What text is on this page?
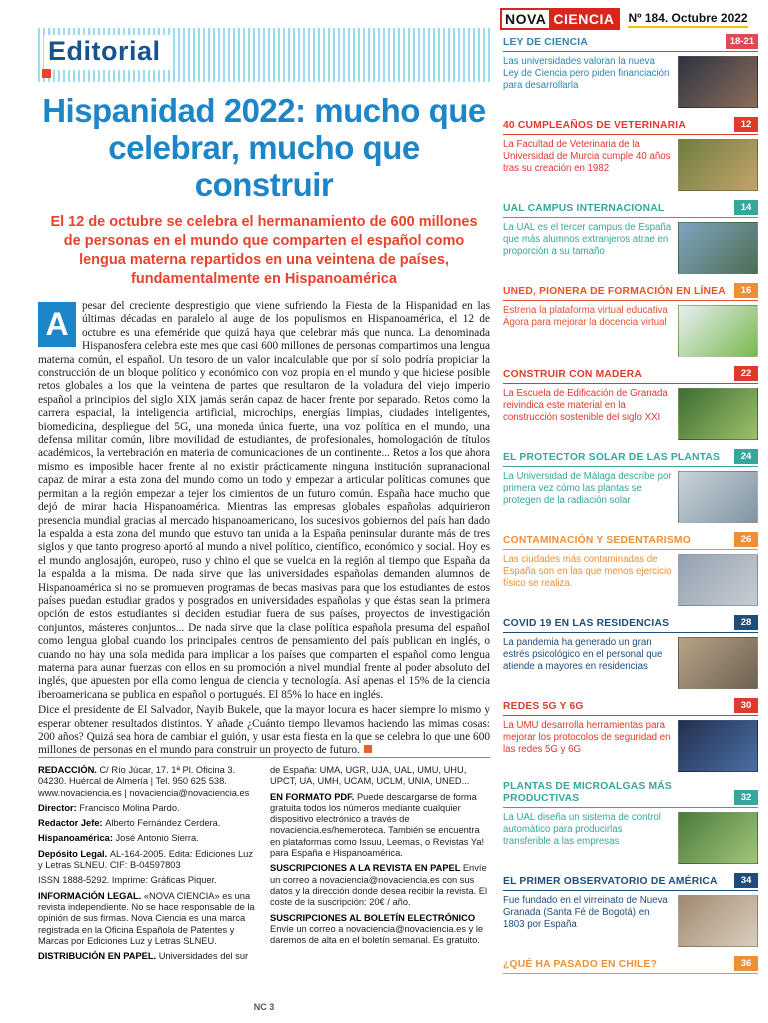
NOVA CIENCIA	Nº 184. Octubre 2022
Editorial
Hispanidad 2022: mucho que celebrar, mucho que construir

El 12 de octubre se celebra el hermanamiento de 600 millones de personas en el mundo que comparten el español como lengua materna repartidos en una veintena de países, fundamentalmente en Hispanoamérica

A	pesar del creciente desprestigio que viene sufriendo la Fiesta de la Hispanidad en las últimas décadas en paralelo al auge de los populismos en Hispanoamérica, el 12 de octubre es una efeméride que quizá haya que celebrar más que nunca. La denominada Hispanosfera celebra este mes que casi 600 millones de personas compartimos una lengua materna común, el español. Un tesoro de un valor incalculable que por sí solo podría propiciar la construcción de un bloque político y económico con voz propia en el mundo y que hiciese posible retos globales a los que la veintena de partes que resultaron de la voladura del viejo imperio español a principios del siglo XIX jamás serán capaz de hacer frente por separado. Retos como la carrera espacial, la inteligencia artificial, microchips, energías limpias, ciudades inteligentes, biomedicina, despliegue del 5G, una moneda única fuerte, una voz política en el mundo, una defensa militar común, libre movilidad de estudiantes, de profesionales, homologación de títulos académicos, la vertebración en materia de comunicaciones de un continente... Retos a los que ahora mismo es imposible hacer frente al no existir prácticamente ninguna institución supranacional capaz de mirar a esta zona del mundo como un todo y empezar a articular políticas comunes que permitan a la región empezar a tejer los cimientos de un futuro común. España hace mucho que dejó de mirar hacia Hispanoamérica. Mientras las empresas globales españolas adquirieron presencia mundial gracias al mercado hispanoamericano, los sucesivos gobiernos del país han dado la espalda a esta zona del mundo que estuvo tan unida a la España peninsular durante más de tres siglos y que tanto progreso aportó al mundo a nivel político, científico, económico y social. Hoy es el mundo anglosajón, europeo, ruso y chino el que se vuelca en la región al tiempo que España da la espalda a la misma. De nada sirve que las universidades españolas demanden alumnos de Hispanoamérica si no se promueven programas de becas masivas para que los estudiantes de estos países puedan estudiar grados y posgrados en universidades españolas y que éstas sean la primera opción de estos estudiantes si deciden estudiar fuera de sus países, proyectos de investigación conjuntos, másteres conjuntos... De nada sirve que la clase política española presuma del español como lengua global cuando los principales centros de pensamiento del país publican en inglés, o cuando no hay una sola medida para implicar a los países que comparten el español como lengua materna para aunar fuerzas con ellos en su promoción a nivel mundial frente al poder absoluto del inglés, que apuesten por ella como lengua de ciencia y tecnología. Así apenas el 15% de la ciencia iberoamericana se publica en español o portugués. El 85% lo hace en inglés.

Dice el presidente de El Salvador, Nayib Bukele, que la mayor locura es hacer siempre lo mismo y esperar obtener resultados distintos. Y añade ¿Cuánto tiempo llevamos haciendo las mimas cosas: 200 años? Quizá sea hora de cambiar el guión, y usar esta fiesta en la que se celebra lo que une 600 millones de personas en el mundo para construir un proyecto de futuro.

REDACCIÓN. C/ Río Júcar, 17. 1ª Pl. Oficina 3. 04230. Huércal de Almería | Tel. 950 625 538. www.novaciencia.es | novaciencia@novaciencia.es

Director: Francisco Molina Pardo.

Redactor Jefe: Alberto Fernández Cerdera.

Hispanoamérica: José Antonio Sierra.

Depósito Legal. AL-164-2005. Edita: Ediciones Luz y Letras SLNEU. CIF: B-04597803

ISSN 1888-5292. Imprime: Gráficas Piquer.

INFORMACIÓN LEGAL. «NOVA CIENCIA» es una revista independiente. No se hace responsable de la opinión de sus firmas. Nova Ciencia es una marca registrada en la Oficina Española de Patentes y Marcas por Ediciones Luz y Letras SLNEU.

DISTRIBUCIÓN EN PAPEL. Universidades del sur

de España: UMA, UGR, UJA, UAL, UMU, UHU, UPCT, UA, UMH, UCAM, UCLM, UNIA, UNED...

EN FORMATO PDF. Puede descargarse de forma gratuita todos los números mediante cualquier dispositivo electrónico a través de novaciencia.es/hemeroteca. También se encuentra en plataformas como Issuu, Leemas, o Revistas Ya! para España e Hispanoamérica.

SUSCRIPCIONES A LA REVISTA EN PAPEL Envíe un correo a novaciencia@novaciencia.es con sus datos y la dirección donde desea recibir la revista. El coste de la suscripción: 20€ / año.

SUSCRIPCIONES AL BOLETÍN ELECTRÓNICO Envíe un correo a novaciencia@novaciencia.es y le daremos de alta en el boletín semanal. Es gratuito.

NC 3
LEY DE CIENCIA	18-21

Las universidades valoran la nueva Ley de Ciencia pero piden financiación para desarrollarla

40 CUMPLEAÑOS DE VETERINARIA	12

La Facultad de Veterinaria de la Universidad de Murcia cumple 40 años tras su creación en 1982

UAL CAMPUS INTERNACIONAL	14

La UAL es el tercer campus de España que más alumnos extranjeros atrae en proporción a su tamaño

UNED, PIONERA DE FORMACIÓN EN LÍNEA	16

Estrena la plataforma virtual educativa Ágora para mejorar la docencia virtual

CONSTRUIR CON MADERA	22

La Escuela de Edificación de Granada reivindica este material en la construcción sostenible del siglo XXI

EL PROTECTOR SOLAR DE LAS PLANTAS	24

La Universidad de Málaga describe por primera vez cómo las plantas se protegen de la radiación solar

CONTAMINACIÓN Y SEDENTARISMO	26

Las ciudades más contaminadas de España son en las que menos ejercicio físico se realiza.

COVID 19 EN LAS RESIDENCIAS	28

La pandemia ha generado un gran estrés psicológico en el personal que atiende a mayores en residencias

REDES 5G Y 6G	30

La UMU desarrolla herramientas para mejorar los protocolos de seguridad en las redes 5G y 6G

PLANTAS DE MICROALGAS MÁS PRODUCTIVAS	32

La UAL diseña un sistema de control automático para producirlas transferible a las empresas

EL PRIMER OBSERVATORIO DE AMÉRICA	34

Fue fundado en el virreinato de Nueva Granada (Santa Fé de Bogotá) en 1803 por España

¿QUÉ HA PASADO EN CHILE?	36
